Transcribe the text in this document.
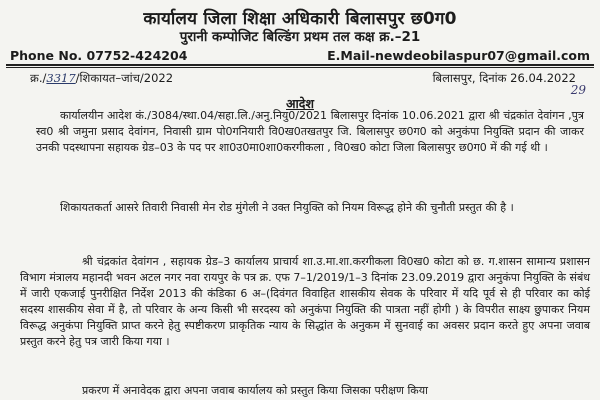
कार्यालय जिला शिक्षा अधिकारी बिलासपुर छ0ग0
पुरानी कम्पोजिट बिल्डिंग प्रथम तल कक्ष क्र.–21
Phone No. 07752-424204	E.Mail-newdeobilaspur07@gmail.com
क्र./3317/शिकायत–जांच/2022	बिलासपुर, दिनांक 26.04.2022
29
आदेश
कार्यालयीन आदेश कं./3084/स्था.04/सहा.लि./अनु.नियु0/2021 बिलासपुर दिनांक 10.06.2021 द्वारा श्री चंद्रकांत देवांगन ,पुत्र स्व0 श्री जमुना प्रसाद देवांगन, निवासी ग्राम पो0गनियारी वि0ख0तखतपुर जि. बिलासपुर छ0ग0 को अनुकंपा नियुक्ति प्रदान की जाकर उनकी पदस्थापना सहायक ग्रेड–03 के पद पर शा0उ0मा0शा0करगीकला , वि0ख0 कोटा जिला बिलासपुर छ0ग0 में की गई थी ।
शिकायतकर्ता आसरे तिवारी निवासी मेन रोड मुंगेली ने उक्त नियुक्ति को नियम विरूद्ध होने की चुनौती प्रस्तुत की है ।
श्री चंद्रकांत देवांगन , सहायक ग्रेड–3 कार्यालय प्राचार्य शा.उ.मा.शा.करगीकला वि0ख0 कोटा को छ. ग.शासन सामान्य प्रशासन विभाग मंत्रालय महानदी भवन अटल नगर नवा रायपुर के पत्र क्र. एफ 7–1/2019/1–3 दिनांक 23.09.2019 द्वारा अनुकंपा नियुक्ति के संबंध में जारी एकजाई पुनरीक्षित निर्देश 2013 की कंडिका 6 अ–(दिवंगत विवाहित शासकीय सेवक के परिवार में यदि पूर्व से ही परिवार का कोई सदस्य शासकीय सेवा में है, तो परिवार के अन्य किसी भी सरदस्य को अनुकंपा नियुक्ति की पात्रता नहीं होगी ) के विपरीत साक्ष्य छुपाकर नियम विरूद्ध अनुकंपा नियुक्ति प्राप्त करने हेतु स्पष्टीकरण प्राकृतिक न्याय के सिद्धांत के अनुकम में सुनवाई का अवसर प्रदान करते हुए अपना जवाब प्रस्तुत करने हेतु पत्र जारी किया गया ।
प्रकरण में अनावेदक द्वारा अपना जवाब कार्यालय को प्रस्तुत किया जिसका परीक्षण किया
